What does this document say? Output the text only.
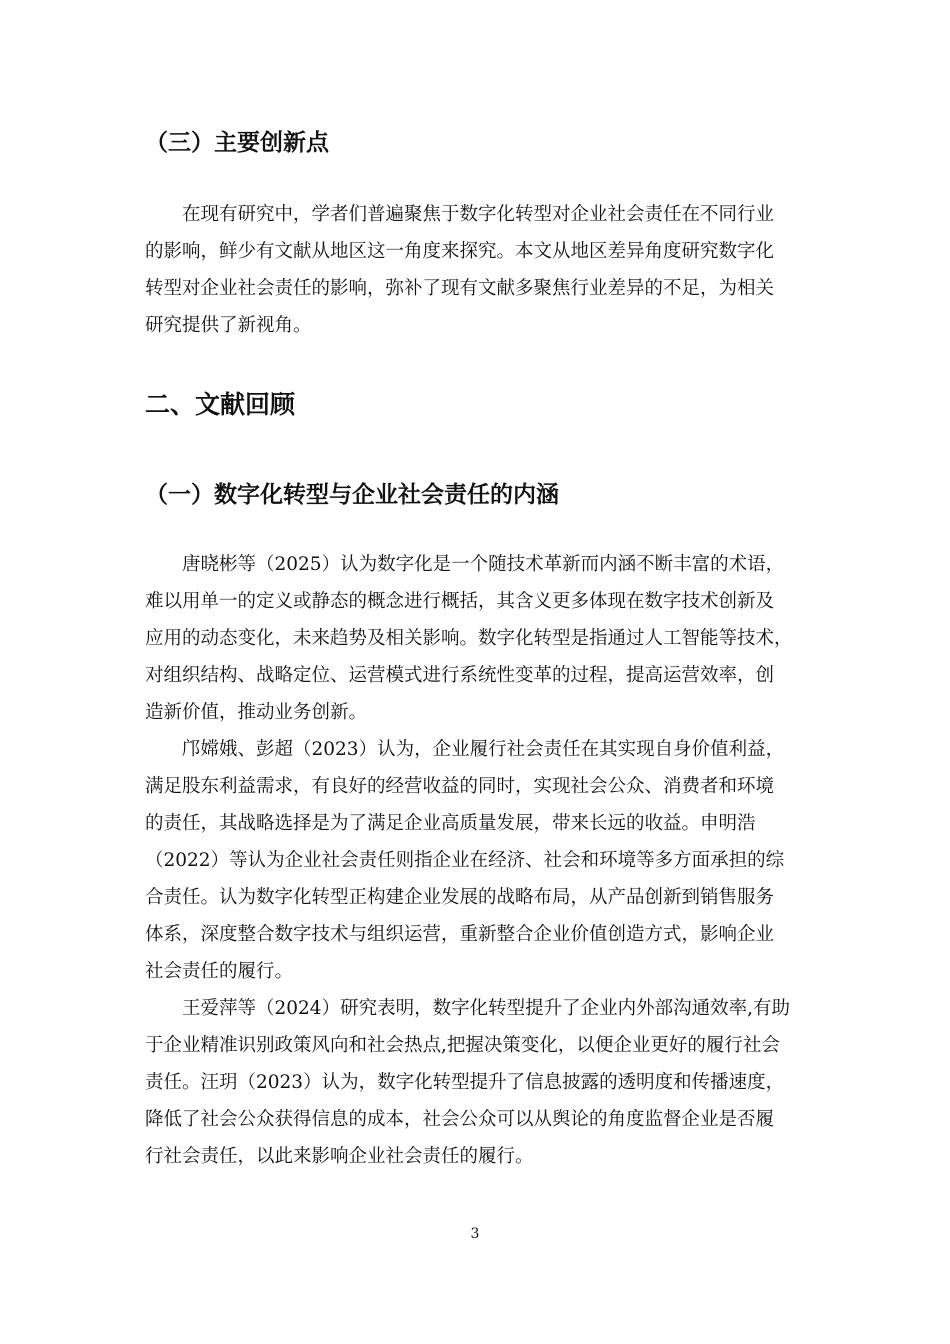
（三）主要创新点
在现有研究中，学者们普遍聚焦于数字化转型对企业社会责任在不同行业
的影响，鲜少有文献从地区这一角度来探究。本文从地区差异角度研究数字化
转型对企业社会责任的影响，弥补了现有文献多聚焦行业差异的不足，为相关
研究提供了新视角。
二、文献回顾
（一）数字化转型与企业社会责任的内涵
唐晓彬等（2025）认为数字化是一个随技术革新而内涵不断丰富的术语，
难以用单一的定义或静态的概念进行概括，其含义更多体现在数字技术创新及
应用的动态变化，未来趋势及相关影响。数字化转型是指通过人工智能等技术，
对组织结构、战略定位、运营模式进行系统性变革的过程，提高运营效率，创
造新价值，推动业务创新。
邝嫦娥、彭超（2023）认为，企业履行社会责任在其实现自身价值利益，
满足股东利益需求，有良好的经营收益的同时，实现社会公众、消费者和环境
的责任，其战略选择是为了满足企业高质量发展，带来长远的收益。申明浩
（2022）等认为企业社会责任则指企业在经济、社会和环境等多方面承担的综
合责任。认为数字化转型正构建企业发展的战略布局，从产品创新到销售服务
体系，深度整合数字技术与组织运营，重新整合企业价值创造方式，影响企业
社会责任的履行。
王爱萍等（2024）研究表明，数字化转型提升了企业内外部沟通效率,有助
于企业精准识别政策风向和社会热点,把握决策变化，以便企业更好的履行社会
责任。汪玥（2023）认为，数字化转型提升了信息披露的透明度和传播速度，
降低了社会公众获得信息的成本，社会公众可以从舆论的角度监督企业是否履
行社会责任，以此来影响企业社会责任的履行。
3
